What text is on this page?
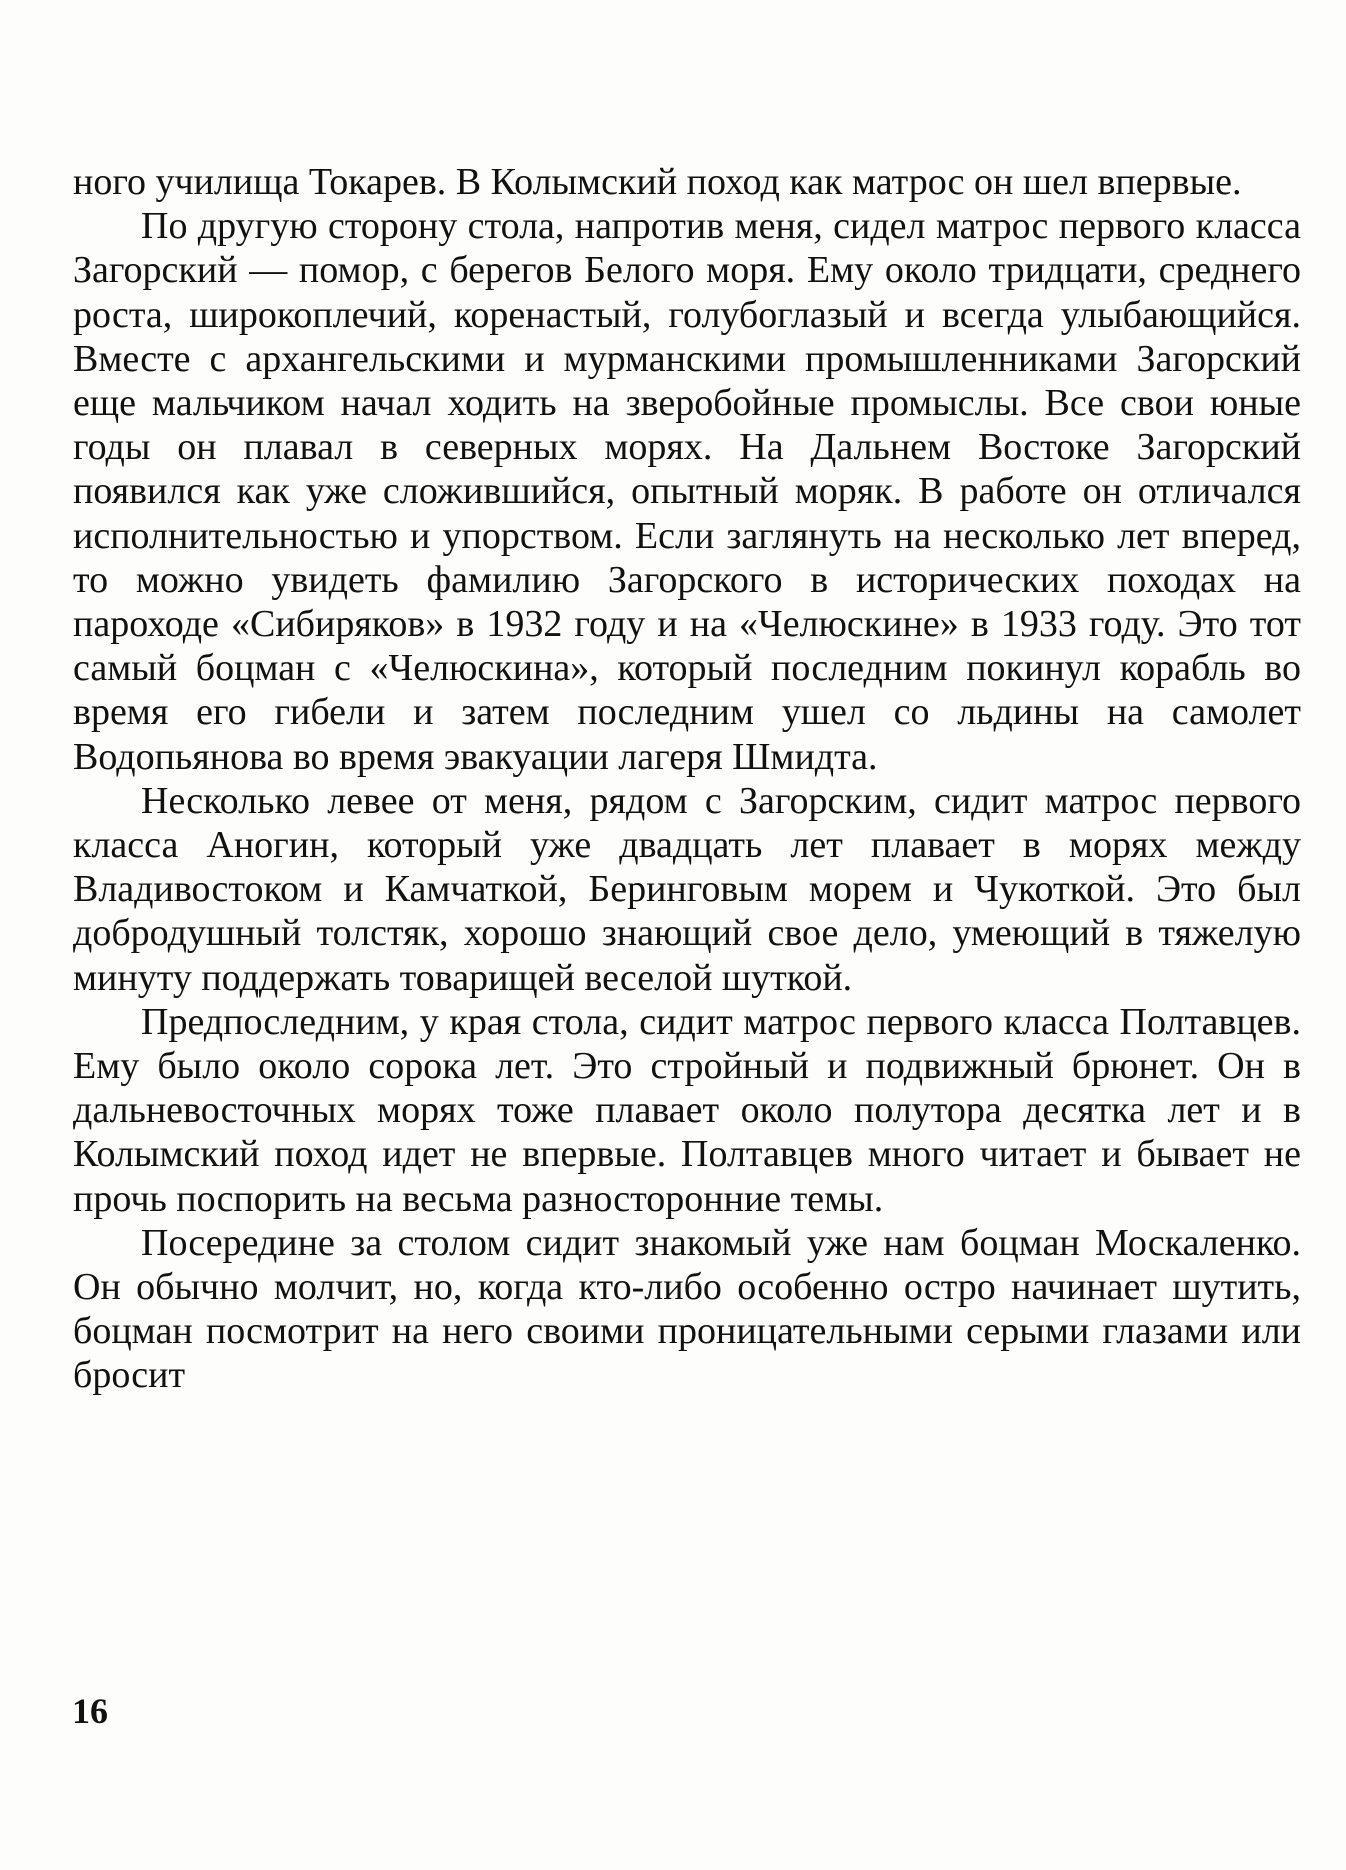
ного училища Токарев. В Колымский поход как матрос он шел впервые.

По другую сторону стола, напротив меня, сидел матрос первого класса Загорский — помор, с берегов Белого моря. Ему около тридцати, среднего роста, широкоплечий, коренастый, голубоглазый и всегда улыбающийся. Вместе с архангельскими и мурманскими промышленниками Загорский еще мальчиком начал ходить на зверобойные промыслы. Все свои юные годы он плавал в северных морях. На Дальнем Востоке Загорский появился как уже сложившийся, опытный моряк. В работе он отличался исполнительностью и упорством. Если заглянуть на несколько лет вперед, то можно увидеть фамилию Загорского в исторических походах на пароходе «Сибиряков» в 1932 году и на «Челюскине» в 1933 году. Это тот самый боцман с «Челюскина», который последним покинул корабль во время его гибели и затем последним ушел со льдины на самолет Водопьянова во время эвакуации лагеря Шмидта.

Несколько левее от меня, рядом с Загорским, сидит матрос первого класса Аногин, который уже двадцать лет плавает в морях между Владивостоком и Камчаткой, Беринговым морем и Чукоткой. Это был добродушный толстяк, хорошо знающий свое дело, умеющий в тяжелую минуту поддержать товарищей веселой шуткой.

Предпоследним, у края стола, сидит матрос первого класса Полтавцев. Ему было около сорока лет. Это стройный и подвижный брюнет. Он в дальневосточных морях тоже плавает около полутора десятка лет и в Колымский поход идет не впервые. Полтавцев много читает и бывает не прочь поспорить на весьма разносторонние темы.

Посередине за столом сидит знакомый уже нам боцман Москаленко. Он обычно молчит, но, когда кто-либо особенно остро начинает шутить, боцман посмотрит на него своими проницательными серыми глазами или бросит

16
